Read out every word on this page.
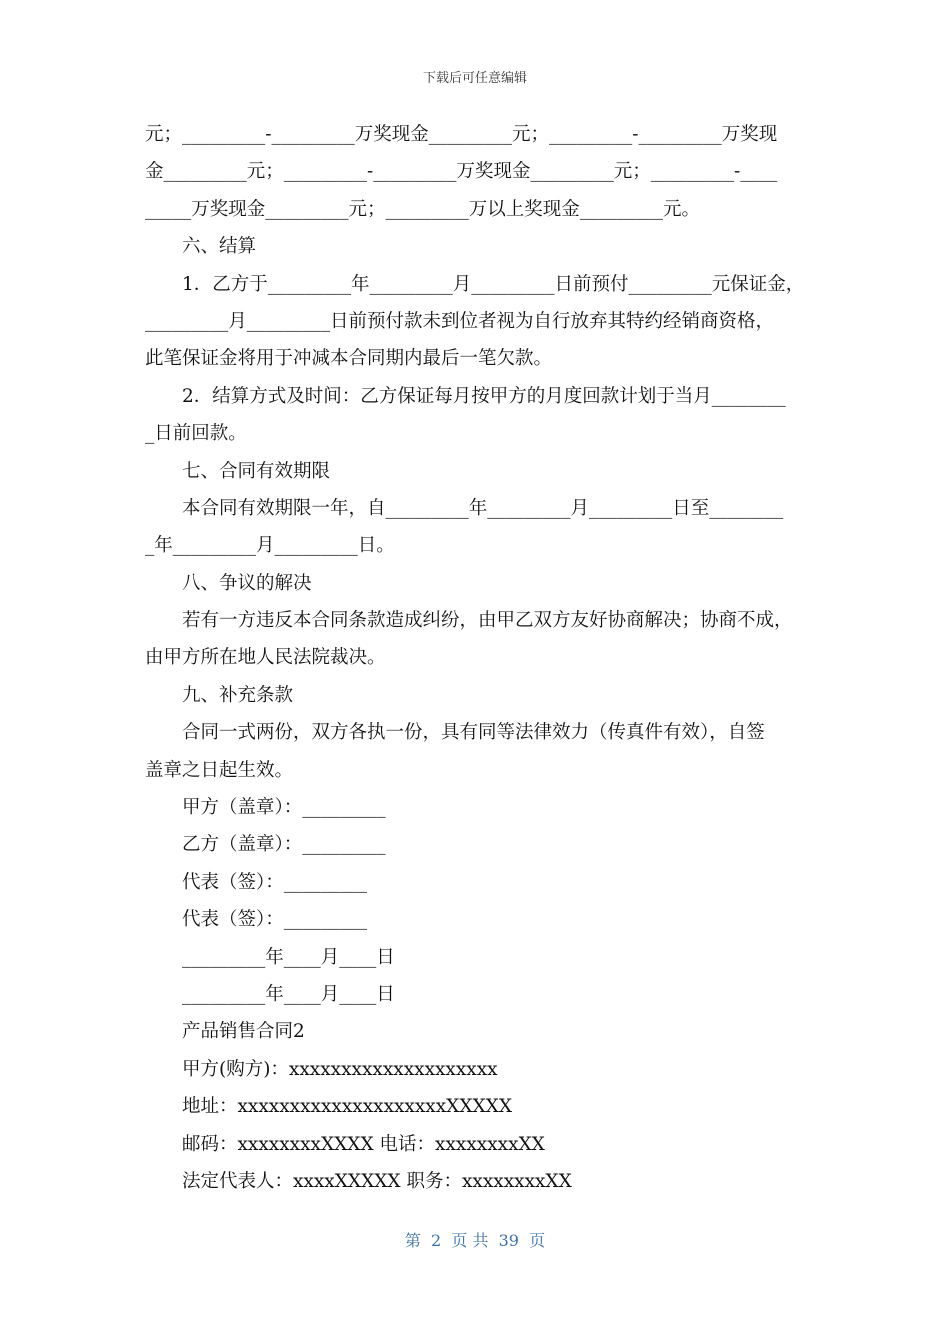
下载后可任意编辑
元；_________-_________万奖现金_________元；_________-_________万奖现
金_________元；_________-_________万奖现金_________元；_________-____
_____万奖现金_________元；_________万以上奖现金_________元。
六、结算
1．乙方于_________年_________月_________日前预付_________元保证金，
_________月_________日前预付款未到位者视为自行放弃其特约经销商资格，
此笔保证金将用于冲减本合同期内最后一笔欠款。
2．结算方式及时间：乙方保证每月按甲方的月度回款计划于当月________
_日前回款。
七、合同有效期限
本合同有效期限一年，自_________年_________月_________日至________
_年_________月_________日。
八、争议的解决
若有一方违反本合同条款造成纠纷，由甲乙双方友好协商解决；协商不成，
由甲方所在地人民法院裁决。
九、补充条款
合同一式两份，双方各执一份，具有同等法律效力（传真件有效），自签
盖章之日起生效。
甲方（盖章）：_________
乙方（盖章）：_________
代表（签）：_________
代表（签）：_________
_________年____月____日
_________年____月____日
产品销售合同2
甲方(购方)：xxxxxxxxxxxxxxxxxxxx
地址：xxxxxxxxxxxxxxxxxxxxXXXXX
邮码：xxxxxxxxXXXX 电话：xxxxxxxxXX
法定代表人：xxxxXXXXX 职务：xxxxxxxxXX
第  2  页 共  39  页
